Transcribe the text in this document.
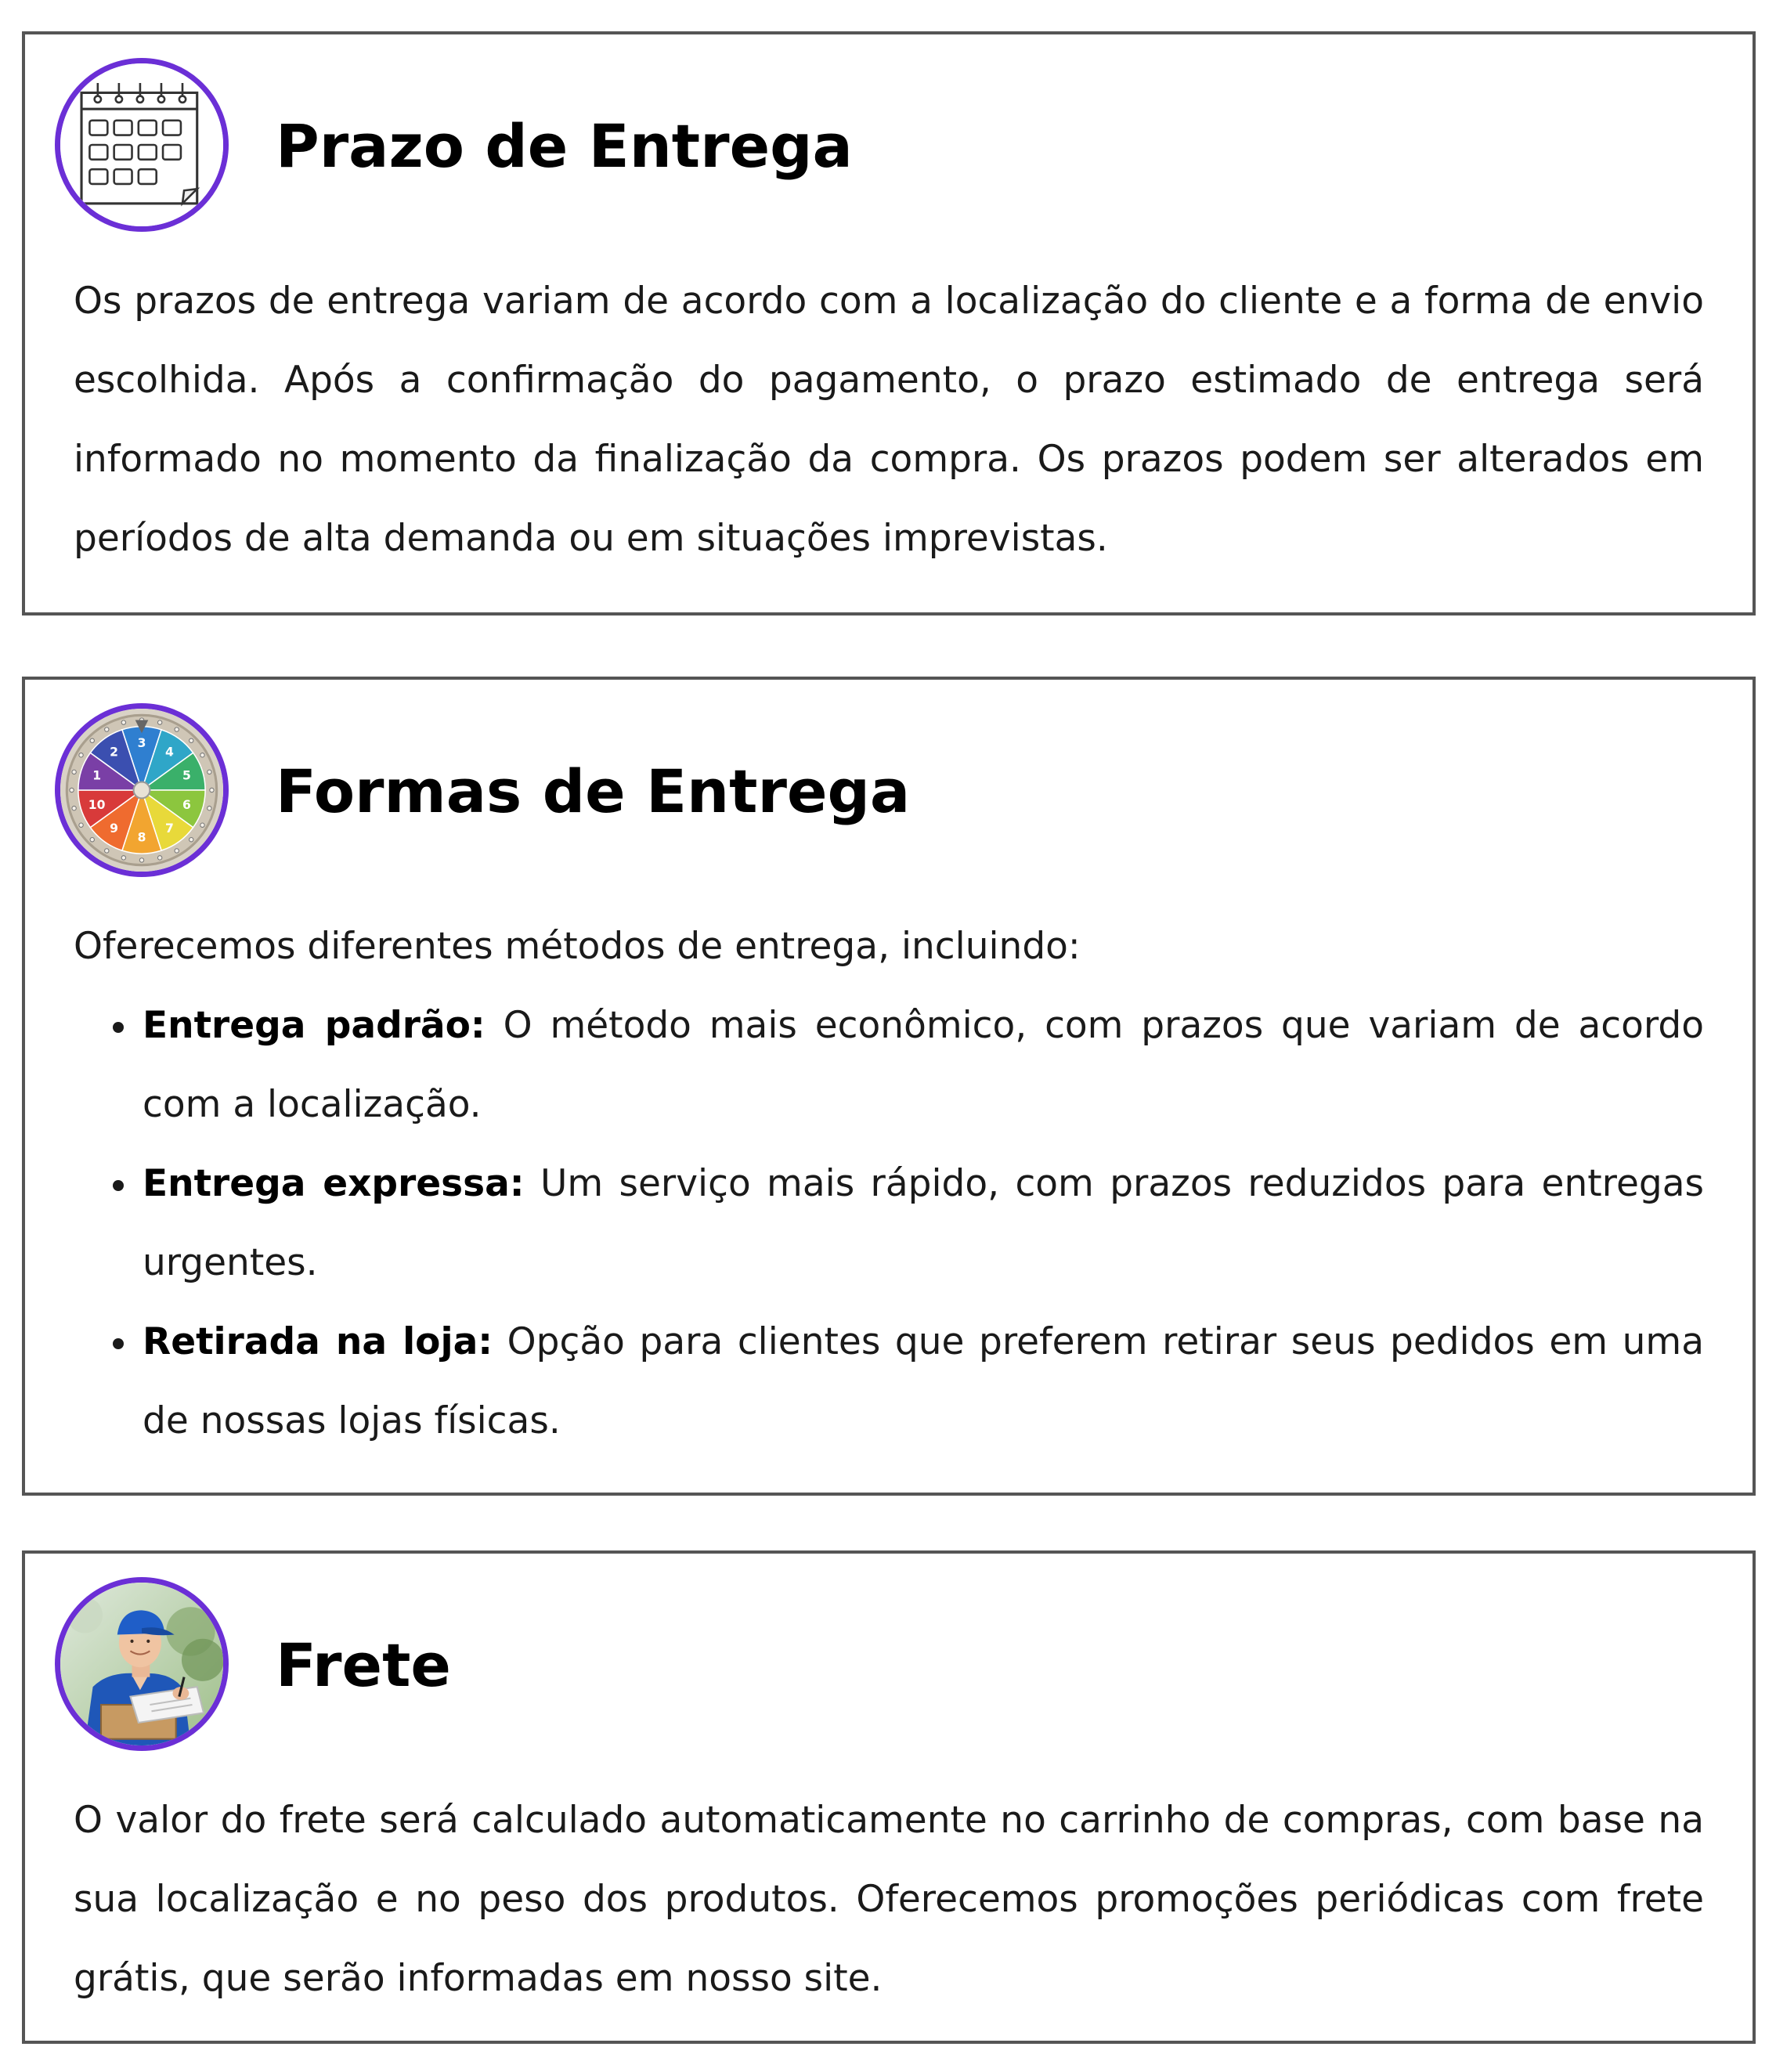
Prazo de Entrega

Os prazos de entrega variam de acordo com a localização do cliente e a forma de envio escolhida. Após a confirmação do pagamento, o prazo estimado de entrega será informado no momento da finalização da compra. Os prazos podem ser alterados em períodos de alta demanda ou em situações imprevistas.

3
4
5
6
7
8
9
10
1
2
Formas de Entrega

Oferecemos diferentes métodos de entrega, incluindo:

Entrega padrão: O método mais econômico, com prazos que variam de acordo com a localização.
Entrega expressa: Um serviço mais rápido, com prazos reduzidos para entregas urgentes.
Retirada na loja: Opção para clientes que preferem retirar seus pedidos em uma de nossas lojas físicas.
Frete

O valor do frete será calculado automaticamente no carrinho de compras, com base na sua localização e no peso dos produtos. Oferecemos promoções periódicas com frete grátis, que serão informadas em nosso site.
